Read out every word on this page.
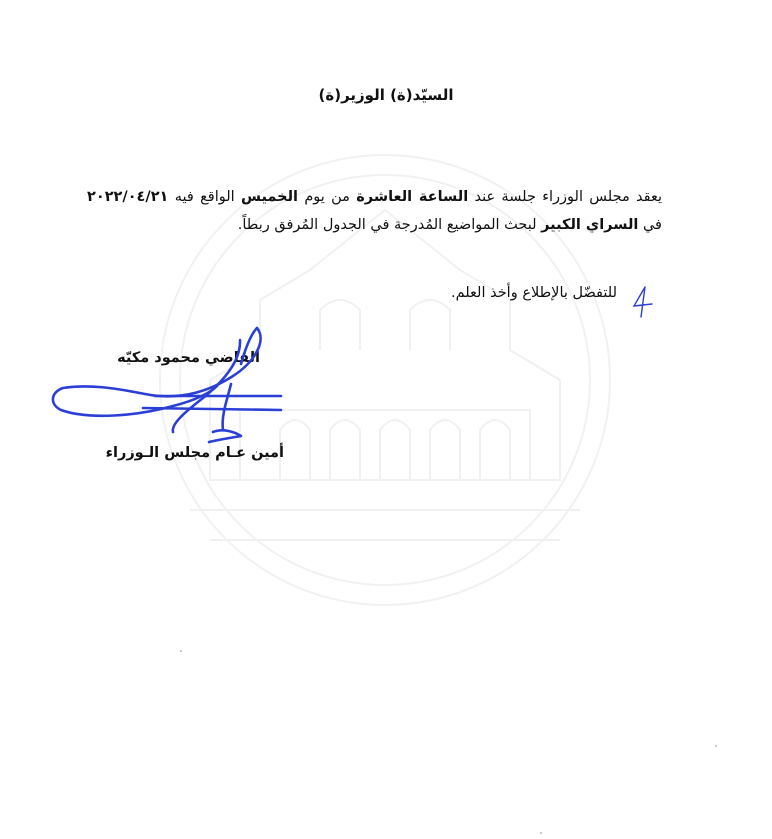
السيّد(ة) الوزير(ة)

يعقد مجلس الوزراء جلسة عند الساعة العاشرة من يوم الخميس الواقع فيه ٢٠٢٢/٠٤/٢١ في السراي الكبير لبحث المواضيع المُدرجة في الجدول المُرفق ربطاً.

للتفضّل بالإطلاع وأخذ العلم.
القاضي محمود مكيّه
أمين عـام مجلس الـوزراء
